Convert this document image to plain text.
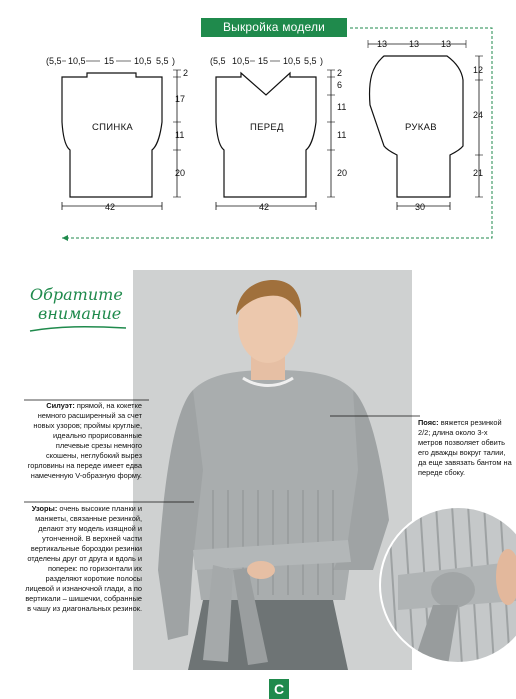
СПИНКА	ПЕРЕД	РУКАВ
( 5,5 10,5 15 10,5 5,5 )
2
17
11
20
42
( 5,5 10,5 15 10,5 5,5 )
2
6
11
11
20
42
13 13 13
12
24
21
30
Выкройка модели
Обратите
внимание
Силуэт: прямой, на кокетке немного расширенный за счет новых узоров; проймы круглые, идеально прорисованные плечевые срезы немного скошены, неглубокий вырез горловины на переде имеет едва намеченную V-образную форму.
Узоры: очень высокие планки и манжеты, связанные резинкой, делают эту модель изящной и утонченной. В верхней части вертикальные бороздки резинки отделены друг от друга и вдоль и поперек: по горизонтали их разделяют короткие полосы лицевой и изнаночной глади, а по вертикали – шишечки, собранные в чашу из диагональных резинок.
Пояс: вяжется резинкой 2/2; длина около 3-х метров позволяет обвить его дважды вокруг талии, да еще завязать бантом на переде сбоку.
С
